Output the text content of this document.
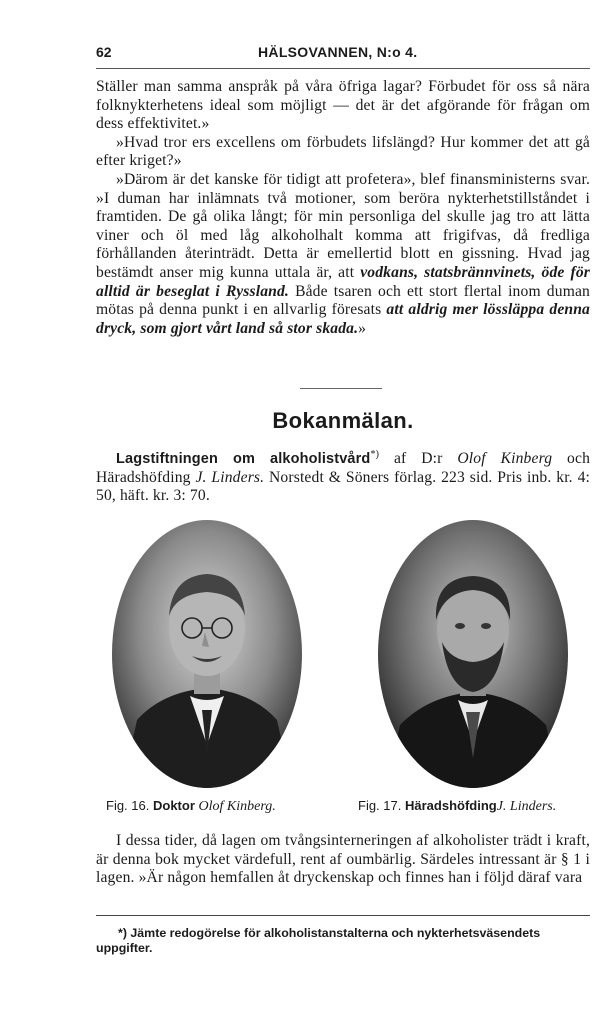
62	HÄLSOVANNEN, N:o 4.

Ställer man samma anspråk på våra öfriga lagar? Förbudet för oss så nära folknykterhetens ideal som möjligt — det är det afgörande för frågan om dess effektivitet.»

»Hvad tror ers excellens om förbudets lifslängd? Hur kommer det att gå efter kriget?»

»Därom är det kanske för tidigt att profetera», blef finansministerns svar. »I duman har inlämnats två motioner, som beröra nykterhetstillståndet i framtiden. De gå olika långt; för min personliga del skulle jag tro att lätta viner och öl med låg alkoholhalt komma att frigifvas, då fredliga förhållanden återinträdt. Detta är emellertid blott en gissning. Hvad jag bestämdt anser mig kunna uttala är, att vodkans, statsbrännvinets, öde för alltid är beseglat i Ryssland. Både tsaren och ett stort flertal inom duman mötas på denna punkt i en allvarlig föresats att aldrig mer lössläppa denna dryck, som gjort vårt land så stor skada.»

Bokanmälan.

Lagstiftningen om alkoholistvård*) af D:r Olof Kinberg och Häradshöfding J. Linders. Norstedt & Söners förlag. 223 sid. Pris inb. kr. 4: 50, häft. kr. 3: 70.

Fig. 16. Doktor Olof Kinberg.	Fig. 17. HäradshöfdingJ. Linders.

I dessa tider, då lagen om tvångsinterneringen af alkoholister trädt i kraft, är denna bok mycket värdefull, rent af oumbärlig. Särdeles intressant är § 1 i lagen. »Är någon hemfallen åt dryckenskap och finnes han i följd däraf vara

*) Jämte redogörelse för alkoholistanstalterna och nykterhetsväsendets uppgifter.
